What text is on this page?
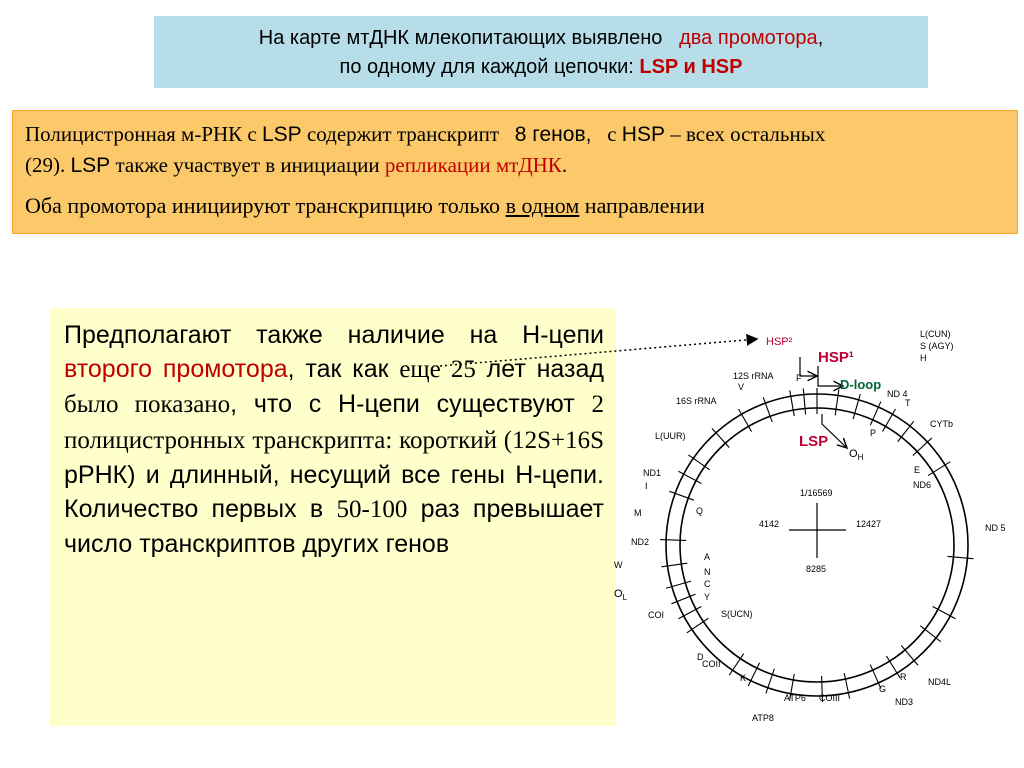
На карте мтДНК млекопитающих выявлено два промотора,
по одному для каждой цепочки: LSP и HSP

Полицистронная м-РНК с LSP содержит транскрипт 8 генов, с HSP – всех остальных
(29). LSP также участвует в инициации репликации мтДНК.

Оба промотора инициируют транскрипцию только в одном направлении

Предполагают также наличие на H-цепи второго промотора, так как еще 25 лет назад было показано, что с H-цепи существуют 2 полицистронных транскрипта: короткий (12S+16S рРНК) и длинный, несущий все гены H-цепи. Количество первых в 50-100 раз превышает число транскриптов других генов
HSP²
HSP¹
D-loop
LSP
$O_H$
$O_L$
1/16569
4142	12427
8285
L(CUN)
S (AGY)
H
12S rRNA
V
F
ND 4
T
16S rRNA
CYTb
L(UUR)	P
E
ND6
ND1
I
M	Q
ND 5
ND2
W
A
N
C
Y
COI	S(UCN)
D
COII
K	R ND4L
G
ATP6 COIII	ND3
ATP8
